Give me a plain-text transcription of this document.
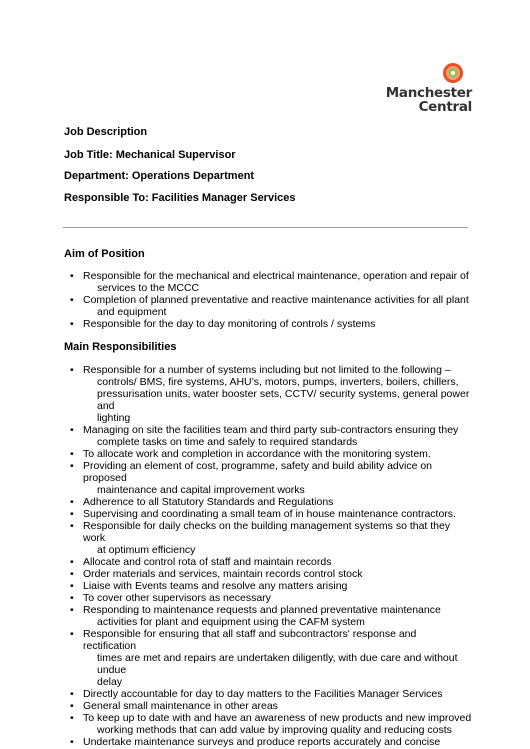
Manchester
Central
Job Description
Job Title: Mechanical Supervisor
Department: Operations Department
Responsible To: Facilities Manager Services
Aim of Position
• Responsible for the mechanical and electrical maintenance, operation and repair of
services to the MCCC
• Completion of planned preventative and reactive maintenance activities for all plant
and equipment
• Responsible for the day to day monitoring of controls / systems
Main Responsibilities
• Responsible for a number of systems including but not limited to the following –
controls/ BMS, fire systems, AHU’s, motors, pumps, inverters, boilers, chillers,
pressurisation units, water booster sets, CCTV/ security systems, general power and
lighting
• Managing on site the facilities team and third party sub-contractors ensuring they
complete tasks on time and safely to required standards
• To allocate work and completion in accordance with the monitoring system.
• Providing an element of cost, programme, safety and build ability advice on proposed
maintenance and capital improvement works
• Adherence to all Statutory Standards and Regulations
• Supervising and coordinating a small team of in house maintenance contractors.
• Responsible for daily checks on the building management systems so that they work
at optimum efficiency
• Allocate and control rota of staff and maintain records
• Order materials and services, maintain records control stock
• Liaise with Events teams and resolve any matters arising
• To cover other supervisors as necessary
• Responding to maintenance requests and planned preventative maintenance
activities for plant and equipment using the CAFM system
• Responsible for ensuring that all staff and subcontractors' response and rectification
times are met and repairs are undertaken diligently, with due care and without undue
delay
• Directly accountable for day to day matters to the Facilities Manager Services
• General small maintenance in other areas
• To keep up to date with and have an awareness of new products and new improved
working methods that can add value by improving quality and reducing costs
• Undertake maintenance surveys and produce reports accurately and concise
